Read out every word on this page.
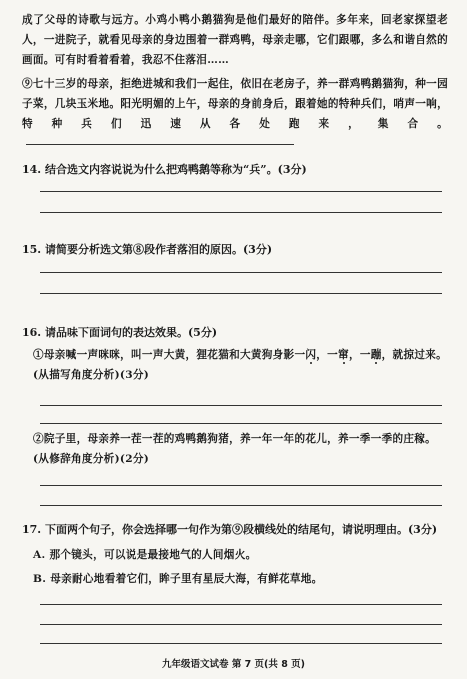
成了父母的诗歌与远方。小鸡小鸭小鹅猫狗是他们最好的陪伴。多年来，回老家探望老人，一进院子，就看见母亲的身边围着一群鸡鸭，母亲走哪，它们跟哪，多么和谐自然的画面。可有时看着看着，我忍不住落泪……
⑨七十三岁的母亲，拒绝进城和我们一起住，依旧在老房子，养一群鸡鸭鹅猫狗，种一园子菜，几块玉米地。阳光明媚的上午，母亲的身前身后，跟着她的特种兵们，哨声一响，特种兵们迅速从各处跑来，集合。
14. 结合选文内容说说为什么把鸡鸭鹅等称为“兵”。(3分)
15. 请简要分析选文第⑧段作者落泪的原因。(3分)
16. 请品味下面词句的表达效果。(5分)
①母亲喊一声咪咪，叫一声大黄，狸花猫和大黄狗身影一闪，一窜，一蹦，就掠过来。(从描写角度分析)(3分)
②院子里，母亲养一茬一茬的鸡鸭鹅狗猪，养一年一年的花儿，养一季一季的庄稼。(从修辞角度分析)(2分)
17. 下面两个句子，你会选择哪一句作为第⑨段横线处的结尾句，请说明理由。(3分)
A. 那个镜头，可以说是最接地气的人间烟火。
B. 母亲耐心地看着它们，眸子里有星辰大海，有鲜花草地。
九年级语文试卷 第 7 页(共 8 页)
